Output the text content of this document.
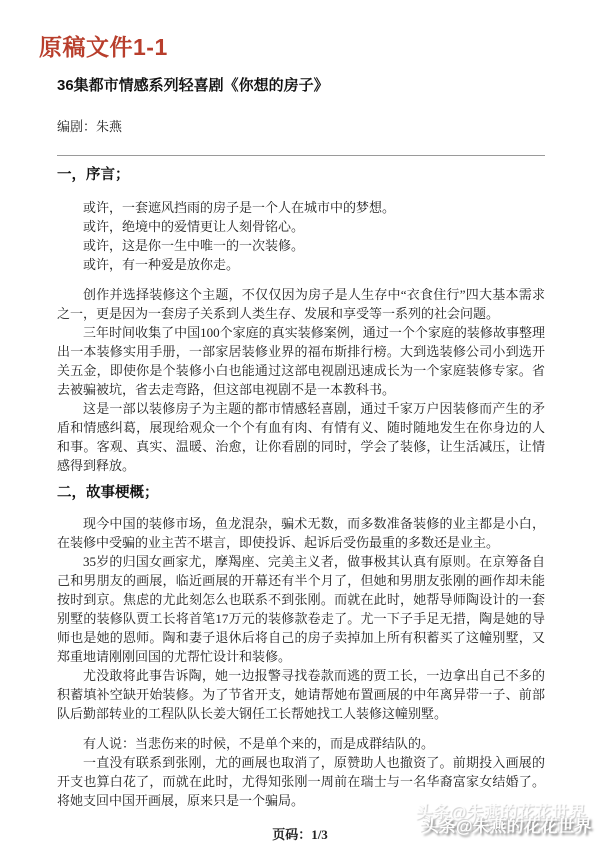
原稿文件1-1
36集都市情感系列轻喜剧《你想的房子》
编剧：朱燕
一，序言；
或许，一套遮风挡雨的房子是一个人在城市中的梦想。
或许，绝境中的爱情更让人刻骨铭心。
或许，这是你一生中唯一的一次装修。
或许，有一种爱是放你走。

创作并选择装修这个主题，不仅仅因为房子是人生存中“衣食住行”四大基本需求之一，更是因为一套房子关系到人类生存、发展和享受等一系列的社会问题。

三年时间收集了中国100个家庭的真实装修案例，通过一个个家庭的装修故事整理出一本装修实用手册，一部家居装修业界的福布斯排行榜。大到选装修公司小到选开关五金，即使你是个装修小白也能通过这部电视剧迅速成长为一个家庭装修专家。省去被骗被坑，省去走弯路，但这部电视剧不是一本教科书。

这是一部以装修房子为主题的都市情感轻喜剧，通过千家万户因装修而产生的矛盾和情感纠葛，展现给观众一个个有血有肉、有情有义、随时随地发生在你身边的人和事。客观、真实、温暖、治愈，让你看剧的同时，学会了装修，让生活减压，让情感得到释放。

二，故事梗概；

现今中国的装修市场，鱼龙混杂，骗术无数，而多数准备装修的业主都是小白，在装修中受骗的业主苦不堪言，即使投诉、起诉后受伤最重的多数还是业主。

35岁的归国女画家尤，摩羯座、完美主义者，做事极其认真有原则。在京筹备自己和男朋友的画展，临近画展的开幕还有半个月了，但她和男朋友张刚的画作却未能按时到京。焦虑的尤此刻怎么也联系不到张刚。而就在此时，她帮导师陶设计的一套别墅的装修队贾工长将首笔17万元的装修款卷走了。尤一下子手足无措，陶是她的导师也是她的恩师。陶和妻子退休后将自己的房子卖掉加上所有积蓄买了这幢别墅，又郑重地请刚刚回国的尤帮忙设计和装修。

尤没敢将此事告诉陶，她一边报警寻找卷款而逃的贾工长，一边拿出自己不多的积蓄填补空缺开始装修。为了节省开支，她请帮她布置画展的中年离异带一子、前部队后勤部转业的工程队队长姜大钢任工长帮她找工人装修这幢别墅。

有人说：当悲伤来的时候，不是单个来的，而是成群结队的。

一直没有联系到张刚，尤的画展也取消了，原赞助人也撤资了。前期投入画展的开支也算白花了，而就在此时，尤得知张刚一周前在瑞士与一名华裔富家女结婚了。将她支回中国开画展，原来只是一个骗局。

页码：1/3
头条@朱燕的花花世界
头条@朱燕的花花世界
